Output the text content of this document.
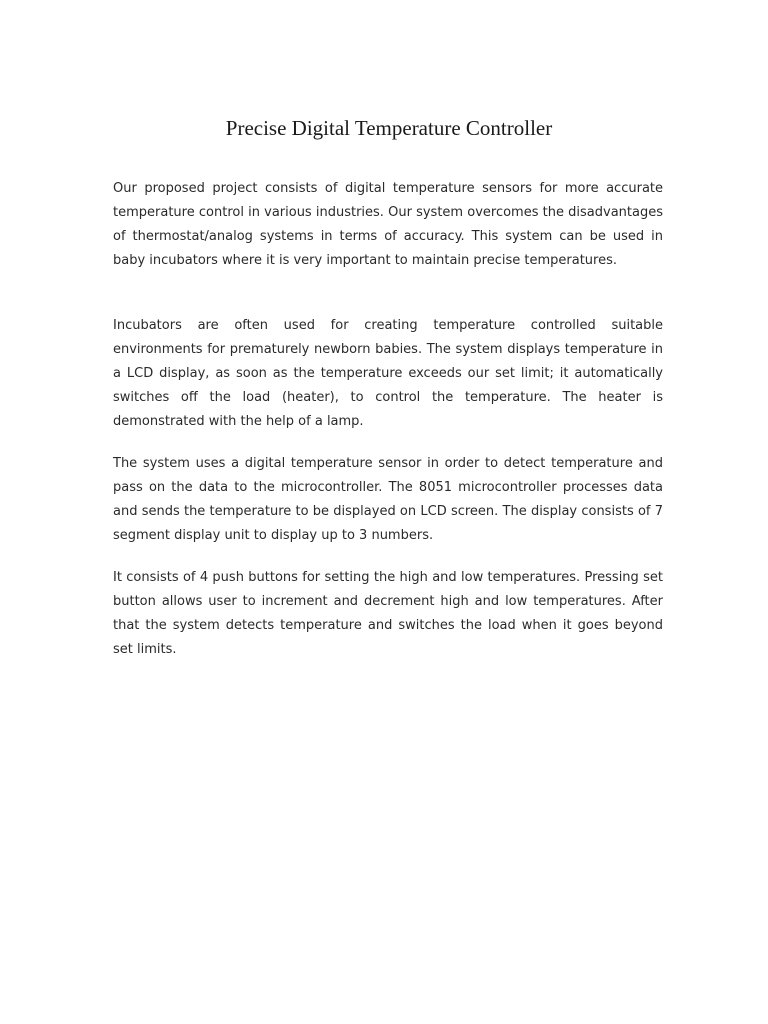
Precise Digital Temperature Controller

Our proposed project consists of digital temperature sensors for more accurate temperature control in various industries. Our system overcomes the disadvantages of thermostat/analog systems in terms of accuracy. This system can be used in baby incubators where it is very important to maintain precise temperatures.

Incubators are often used for creating temperature controlled suitable environments for prematurely newborn babies. The system displays temperature in a LCD display, as soon as the temperature exceeds our set limit; it automatically switches off the load (heater), to control the temperature. The heater is demonstrated with the help of a lamp.

The system uses a digital temperature sensor in order to detect temperature and pass on the data to the microcontroller. The 8051 microcontroller processes data and sends the temperature to be displayed on LCD screen. The display consists of 7 segment display unit to display up to 3 numbers.

It consists of 4 push buttons for setting the high and low temperatures. Pressing set button allows user to increment and decrement high and low temperatures. After that the system detects temperature and switches the load when it goes beyond set limits.
